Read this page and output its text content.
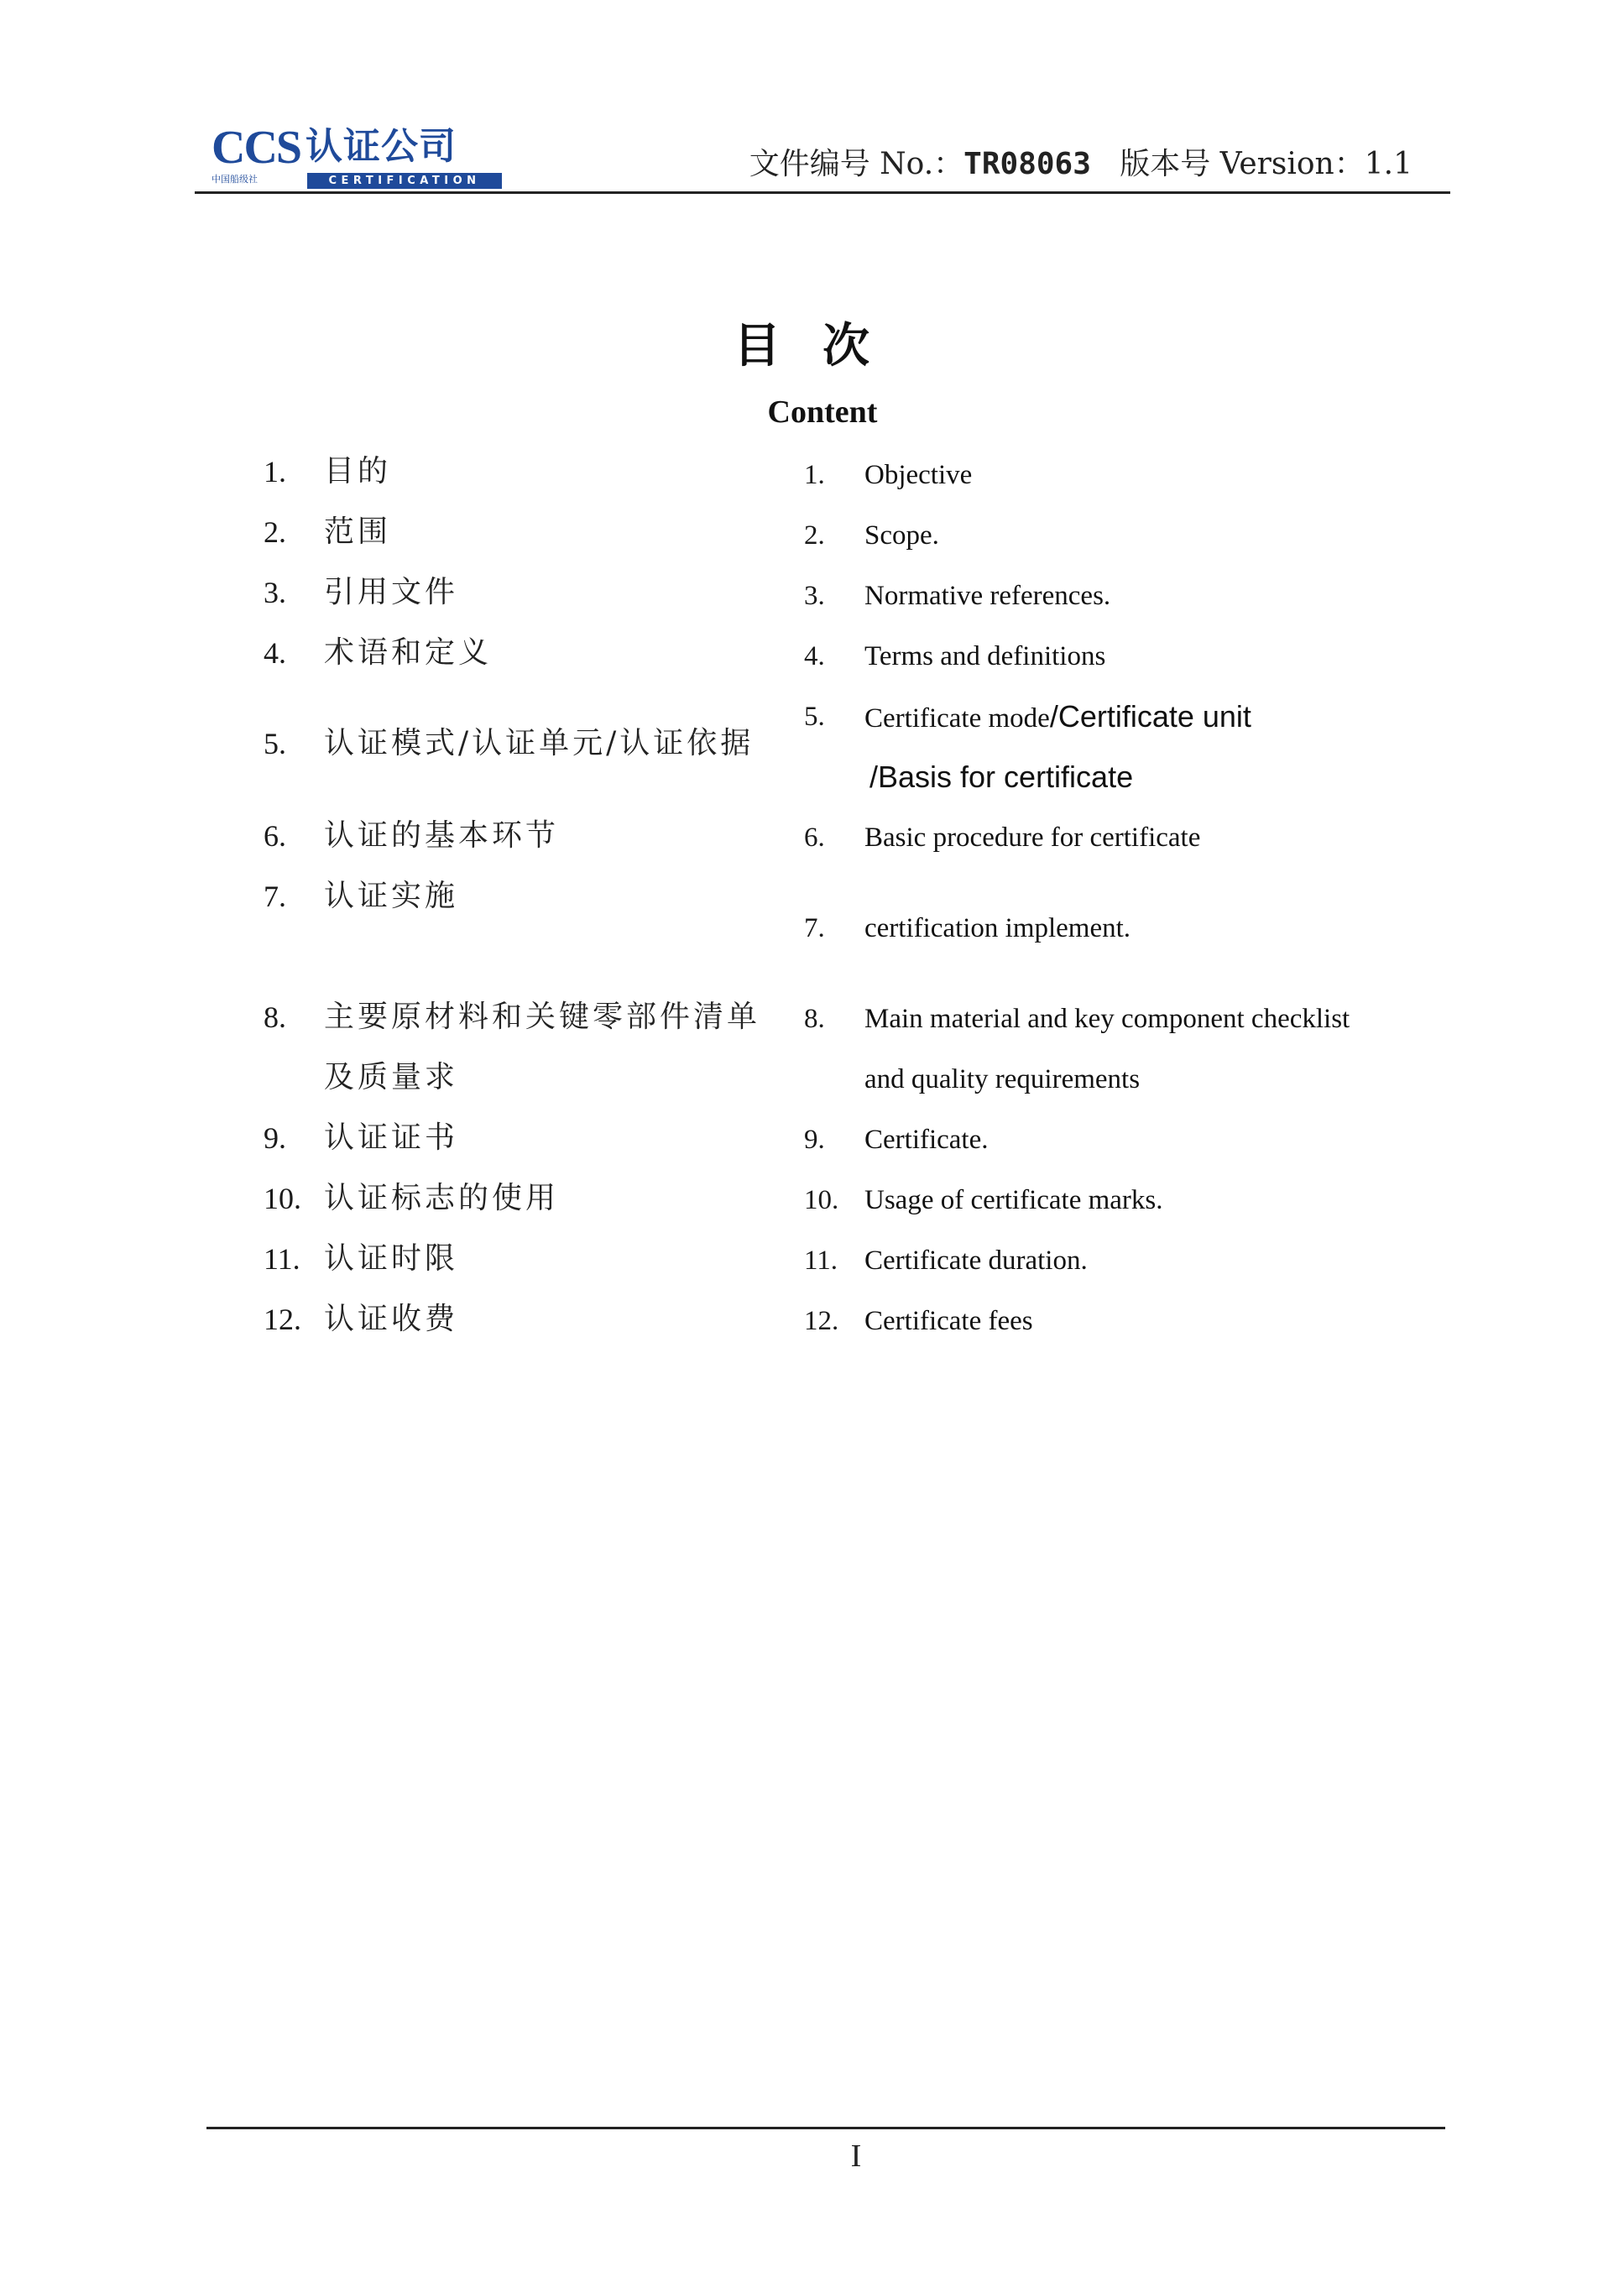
CCS 认证公司
中国船级社	CERTIFICATION	文件编号 No.：TR08063 版本号 Version：1.1
目次
Content
1. 目的
2. 范围
3. 引用文件
4. 术语和定义
5. 认证模式/认证单元/认证依据
6. 认证的基本环节
7. 认证实施
8. 主要原材料和关键零部件清单
及质量求
9. 认证证书
10. 认证标志的使用
11. 认证时限
12. 认证收费
1. Objective
2. Scope.
3. Normative references.
4. Terms and definitions
5. Certificate mode/Certificate unit
/Basis for certificate
6. Basic procedure for certificate
7. certification implement.
8. Main material and key component checklist
and quality requirements
9. Certificate.
10. Usage of certificate marks.
11. Certificate duration.
12. Certificate fees
I
